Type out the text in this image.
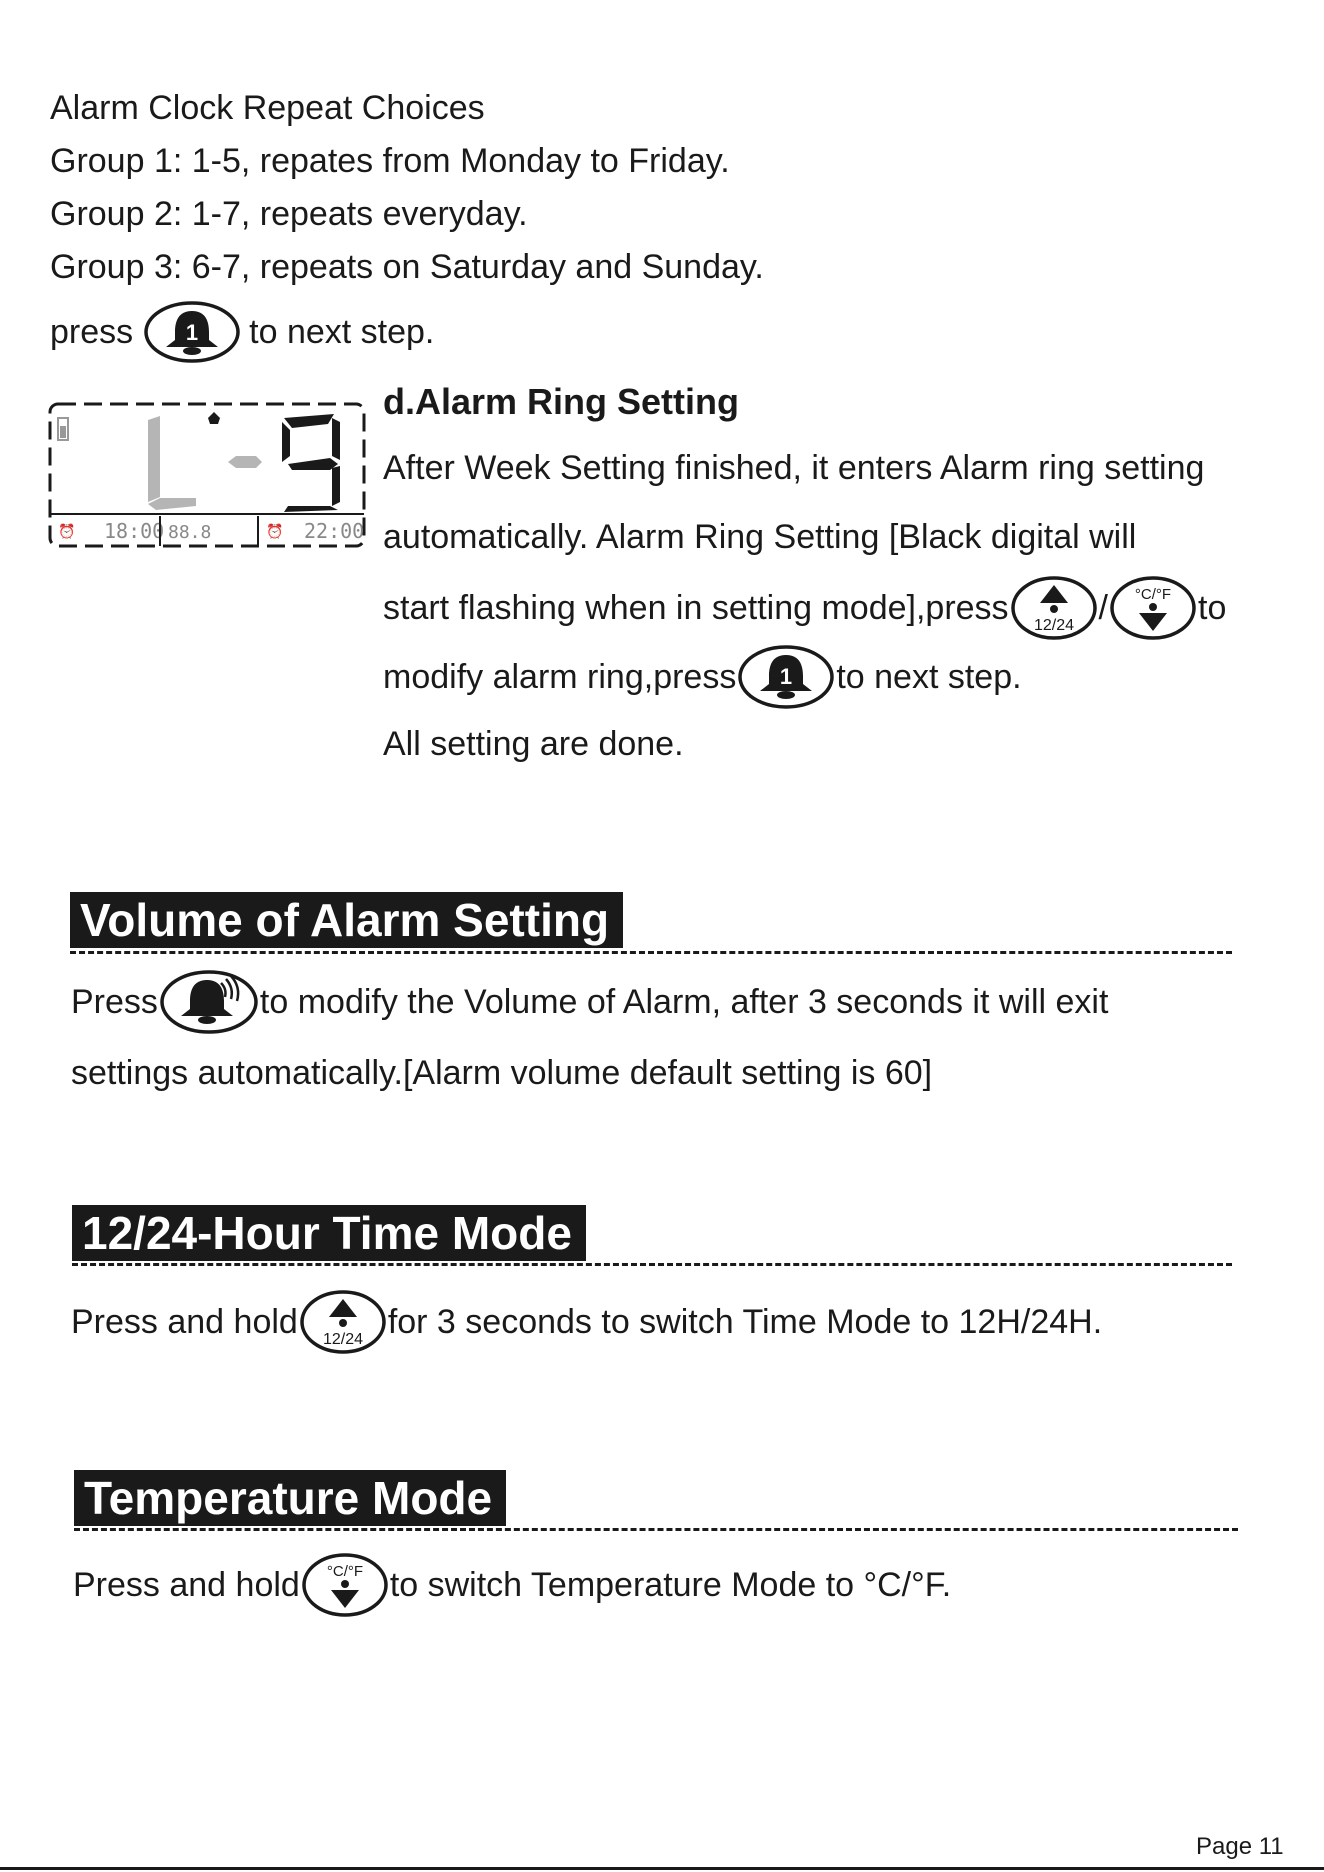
Alarm Clock Repeat Choices
Group 1: 1-5, repates from Monday to Friday.
Group 2: 1-7, repeats everyday.
Group 3: 6-7, repeats on Saturday and Sunday.
press 1 to next step.
⏰ 18:00 88.8	⏰ 22:00
d.Alarm Ring Setting
After Week Setting finished, it enters Alarm ring setting
automatically. Alarm Ring Setting [Black digital will
start flashing when in setting mode],press 12/24 / °C/°F to
modify alarm ring,press 1 to next step.
All setting are done.
Volume of Alarm Setting
Press	to modify the Volume of Alarm, after 3 seconds it will exit
settings automatically.[Alarm volume default setting is 60]
12/24-Hour Time Mode
Press and hold 12/24 for 3 seconds to switch Time Mode to 12H/24H.
Temperature Mode
Press and hold °C/°F to switch Temperature Mode to °C/°F.
Page 11
